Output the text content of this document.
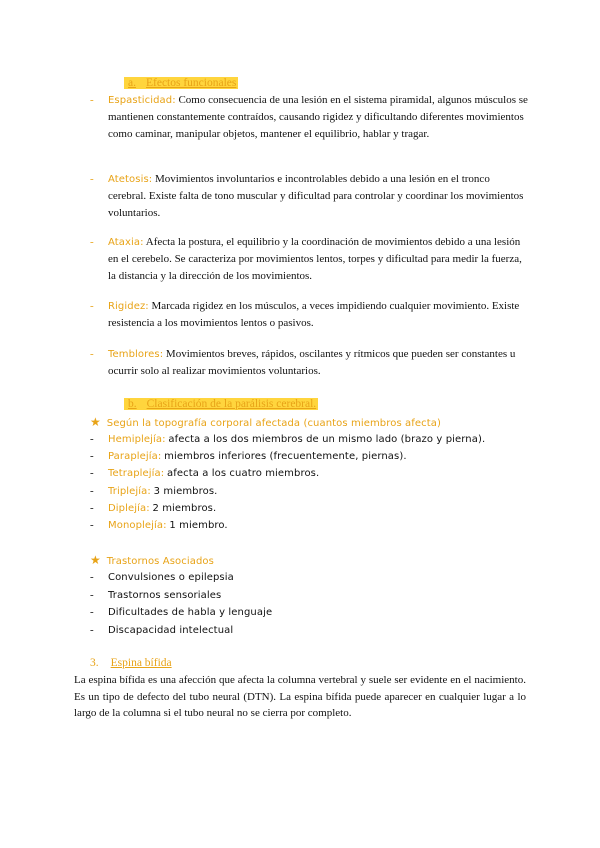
a. Efectos funcionales
- Espasticidad: Como consecuencia de una lesión en el sistema piramidal, algunos músculos se mantienen constantemente contraídos, causando rigidez y dificultando diferentes movimientos como caminar, manipular objetos, mantener el equilibrio, hablar y tragar.
- Atetosis: Movimientos involuntarios e incontrolables debido a una lesión en el tronco cerebral. Existe falta de tono muscular y dificultad para controlar y coordinar los movimientos voluntarios.
- Ataxia: Afecta la postura, el equilibrio y la coordinación de movimientos debido a una lesión en el cerebelo. Se caracteriza por movimientos lentos, torpes y dificultad para medir la fuerza, la distancia y la dirección de los movimientos.
- Rigidez: Marcada rigidez en los músculos, a veces impidiendo cualquier movimiento. Existe resistencia a los movimientos lentos o pasivos.
- Temblores: Movimientos breves, rápidos, oscilantes y rítmicos que pueden ser constantes u ocurrir solo al realizar movimientos voluntarios.
b. Clasificación de la parálisis cerebral.
★ Según la topografía corporal afectada (cuantos miembros afecta)
- Hemiplejía: afecta a los dos miembros de un mismo lado (brazo y pierna).
- Paraplejía: miembros inferiores (frecuentemente, piernas).
- Tetraplejía: afecta a los cuatro miembros.
- Triplejía: 3 miembros.
- Diplejía: 2 miembros.
- Monoplejía: 1 miembro.
★ Trastornos Asociados
- Convulsiones o epilepsia
- Trastornos sensoriales
- Dificultades de habla y lenguaje
- Discapacidad intelectual
3. Espina bífida
La espina bífida es una afección que afecta la columna vertebral y suele ser evidente en el nacimiento. Es un tipo de defecto del tubo neural (DTN). La espina bífida puede aparecer en cualquier lugar a lo largo de la columna si el tubo neural no se cierra por completo.
